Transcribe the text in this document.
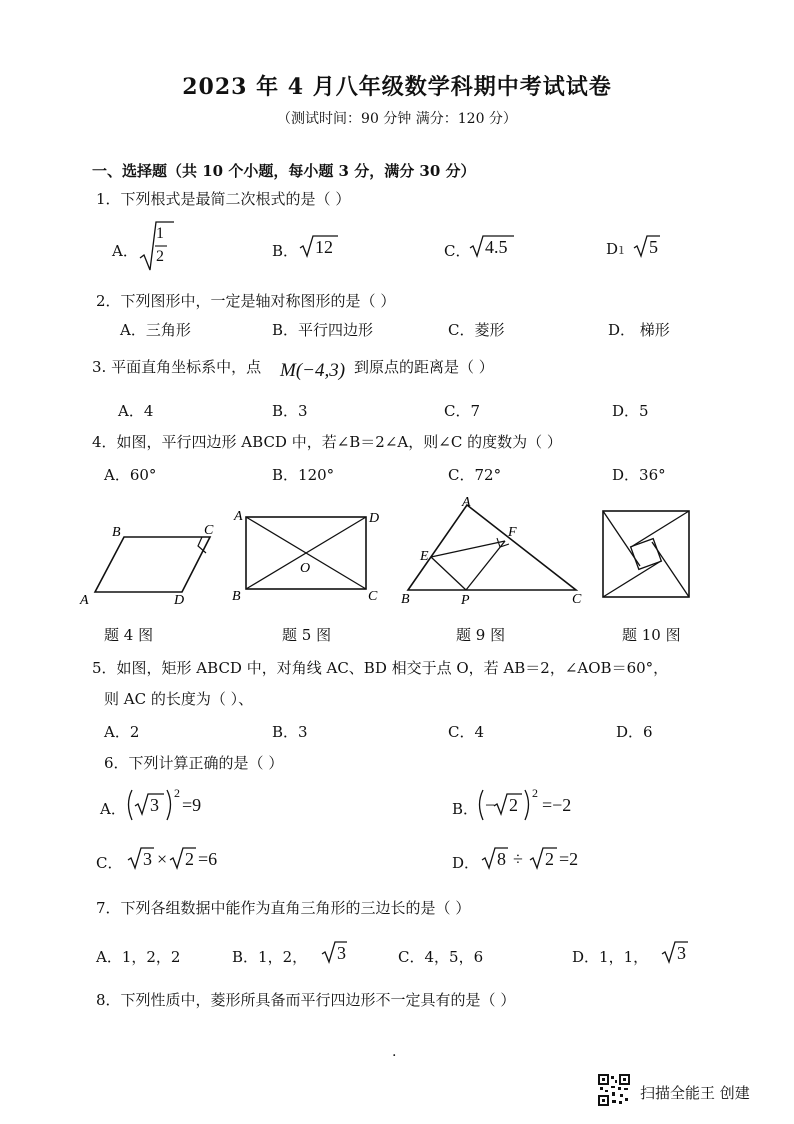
2023 年 4 月八年级数学科期中考试试卷
（测试时间：90 分钟 满分：120 分）
一、选择题（共 10 个小题，每小题 3 分，满分 30 分）
1．下列根式是最简二次根式的是（ ）
A．	B．	C．	D ı
1
2	12	4.5	5
2．下列图形中，一定是轴对称图形的是（ ）
A．三角形	B．平行四边形	C．菱形	D． 梯形
3. 平面直角坐标系中，点 M(−4,3) 到原点的距离是（ ）
A．4	B．3	C．7	D．5
4．如图，平行四边形 ABCD 中，若∠B＝2∠A，则∠C 的度数为（ ）
A．60°	B．120°	C．72°	D．36°
A
B	C
D
A
B	C
D
O
A
B	C
E
F
P
题 4 图	题 5 图	题 9 图	题 10 图
5．如图，矩形 ABCD 中，对角线 AC、BD 相交于点 O，若 AB＝2，∠AOB＝60°，
则 AC 的长度为（ ）、
A．2	B．3	C．4	D．6
6．下列计算正确的是（ ）
A． 3
2
=9	B． − 2
2
=−2
C． 3 × 2 =6	D． 8 ÷ 2 =2
7．下列各组数据中能作为直角三角形的三边长的是（ ）
A．1，2，2	B．1，2， 3	C．4，5，6	D．1，1， 3
8．下列性质中，菱形所具备而平行四边形不一定具有的是（ ）
.
扫描全能王 创建
